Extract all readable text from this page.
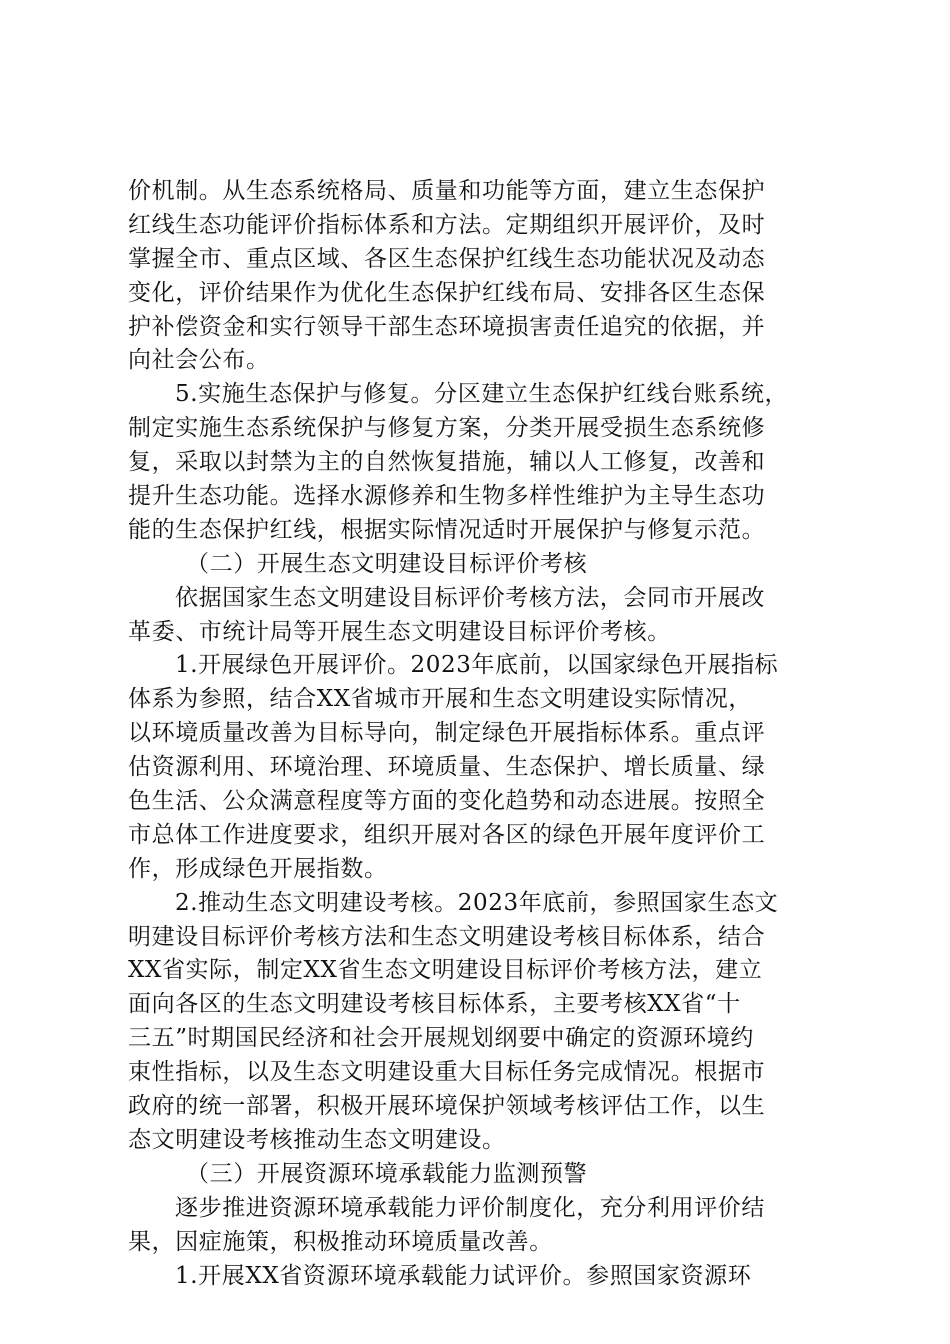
价机制。从生态系统格局、质量和功能等方面，建立生态保护
红线生态功能评价指标体系和方法。定期组织开展评价，及时
掌握全市、重点区域、各区生态保护红线生态功能状况及动态
变化，评价结果作为优化生态保护红线布局、安排各区生态保
护补偿资金和实行领导干部生态环境损害责任追究的依据，并
向社会公布。
5.实施生态保护与修复。分区建立生态保护红线台账系统，
制定实施生态系统保护与修复方案，分类开展受损生态系统修
复，采取以封禁为主的自然恢复措施，辅以人工修复，改善和
提升生态功能。选择水源修养和生物多样性维护为主导生态功
能的生态保护红线，根据实际情况适时开展保护与修复示范。
（二）开展生态文明建设目标评价考核
依据国家生态文明建设目标评价考核方法，会同市开展改
革委、市统计局等开展生态文明建设目标评价考核。
1.开展绿色开展评价。2023年底前，以国家绿色开展指标
体系为参照，结合XX省城市开展和生态文明建设实际情况，
以环境质量改善为目标导向，制定绿色开展指标体系。重点评
估资源利用、环境治理、环境质量、生态保护、增长质量、绿
色生活、公众满意程度等方面的变化趋势和动态进展。按照全
市总体工作进度要求，组织开展对各区的绿色开展年度评价工
作，形成绿色开展指数。
2.推动生态文明建设考核。2023年底前，参照国家生态文
明建设目标评价考核方法和生态文明建设考核目标体系，结合
XX省实际，制定XX省生态文明建设目标评价考核方法，建立
面向各区的生态文明建设考核目标体系，主要考核XX省“十
三五”时期国民经济和社会开展规划纲要中确定的资源环境约
束性指标，以及生态文明建设重大目标任务完成情况。根据市
政府的统一部署，积极开展环境保护领域考核评估工作，以生
态文明建设考核推动生态文明建设。
（三）开展资源环境承载能力监测预警
逐步推进资源环境承载能力评价制度化，充分利用评价结
果，因症施策，积极推动环境质量改善。
1.开展XX省资源环境承载能力试评价。参照国家资源环
